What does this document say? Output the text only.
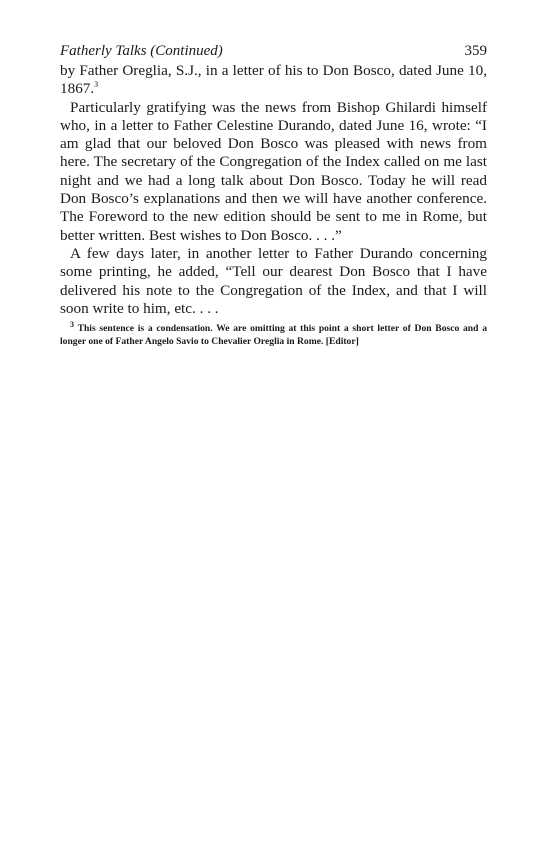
Fatherly Talks (Continued)	359

by Father Oreglia, S.J., in a letter of his to Don Bosco, dated June 10, 1867.$^3$

Particularly gratifying was the news from Bishop Ghilardi himself who, in a letter to Father Celestine Durando, dated June 16, wrote: “I am glad that our beloved Don Bosco was pleased with news from here. The secretary of the Congregation of the Index called on me last night and we had a long talk about Don Bosco. Today he will read Don Bosco’s explanations and then we will have another conference. The Foreword to the new edition should be sent to me in Rome, but better written. Best wishes to Don Bosco. . . .”

A few days later, in another letter to Father Durando concerning some printing, he added, “Tell our dearest Don Bosco that I have delivered his note to the Congregation of the Index, and that I will soon write to him, etc. . . .

$^3$ This sentence is a condensation. We are omitting at this point a short letter of Don Bosco and a longer one of Father Angelo Savio to Chevalier Oreglia in Rome. [Editor]
